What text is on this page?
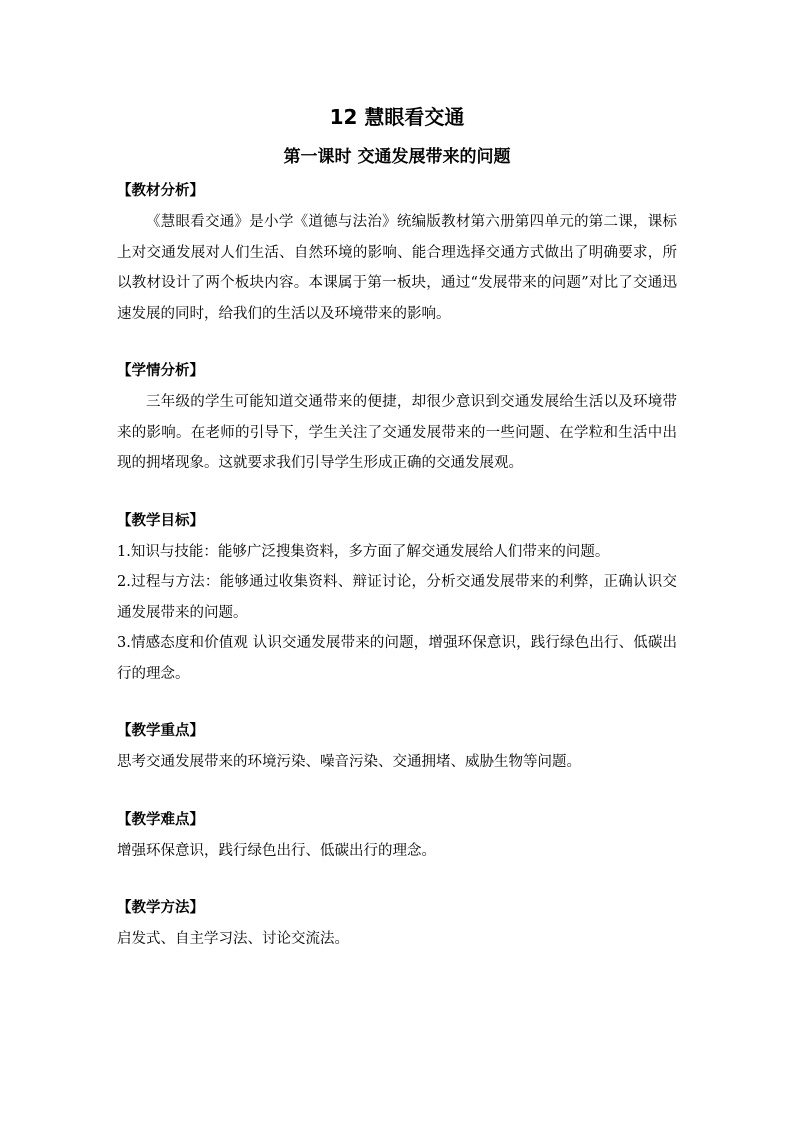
12 慧眼看交通
第一课时 交通发展带来的问题
【教材分析】

《慧眼看交通》是小学《道德与法治》统编版教材第六册第四单元的第二课，课标上对交通发展对人们生活、自然环境的影响、能合理选择交通方式做出了明确要求，所以教材设计了两个板块内容。本课属于第一板块，通过“发展带来的问题”对比了交通迅速发展的同时，给我们的生活以及环境带来的影响。

【学情分析】

三年级的学生可能知道交通带来的便捷，却很少意识到交通发展给生活以及环境带来的影响。在老师的引导下，学生关注了交通发展带来的一些问题、在学粒和生活中出现的拥堵现象。这就要求我们引导学生形成正确的交通发展观。

【教学目标】

1.知识与技能：能够广泛搜集资料，多方面了解交通发展给人们带来的问题。

2.过程与方法：能够通过收集资料、辩证讨论，分析交通发展带来的利弊，正确认识交通发展带来的问题。

3.情感态度和价值观 认识交通发展带来的问题，增强环保意识，践行绿色出行、低碳出行的理念。

【教学重点】

思考交通发展带来的环境污染、噪音污染、交通拥堵、威胁生物等问题。

【教学难点】

增强环保意识，践行绿色出行、低碳出行的理念。

【教学方法】

启发式、自主学习法、讨论交流法。
